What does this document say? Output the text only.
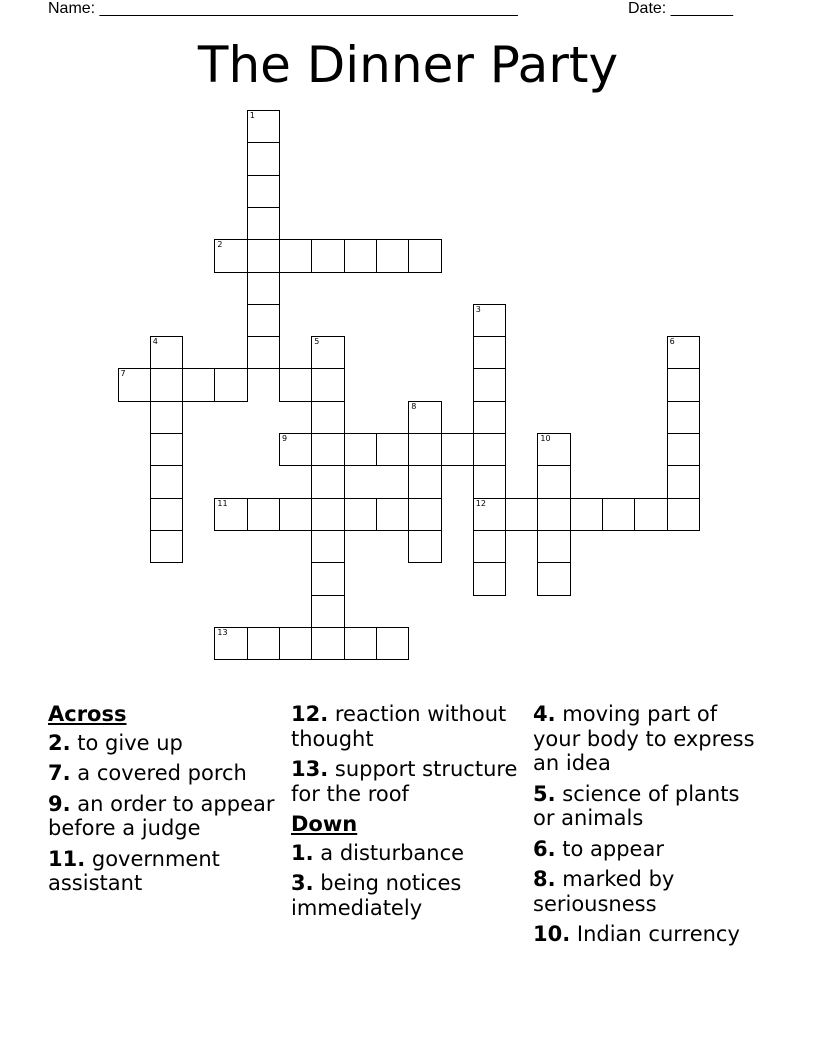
Name: _______________________________________________	Date: _______
The Dinner Party
1
2
3
4	5	6
7
8
9	10
11	12
13
Across
2. to give up
7. a covered porch
9. an order to appear before a judge
11. government assistant
12. reaction without thought
13. support structure for the roof
Down
1. a disturbance
3. being notices immediately
4. moving part of your body to express an idea
5. science of plants or animals
6. to appear
8. marked by seriousness
10. Indian currency
